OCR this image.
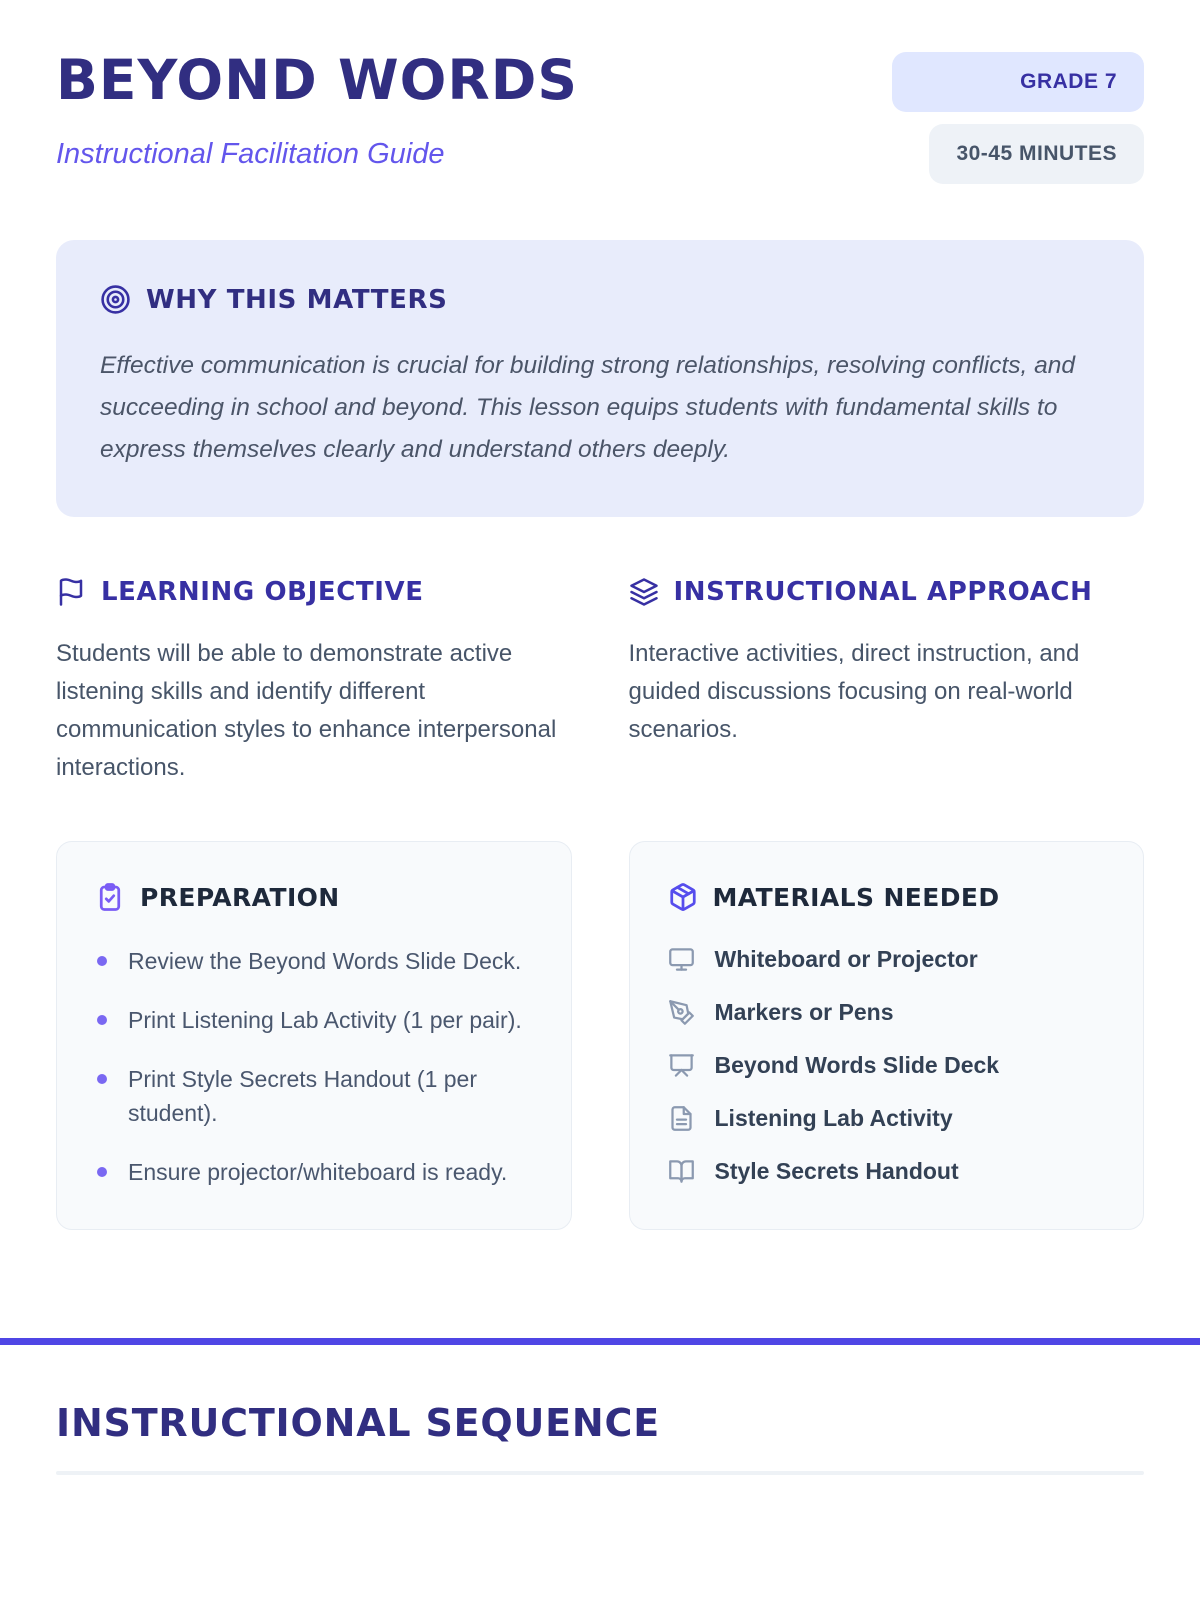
BEYOND WORDS
Instructional Facilitation Guide
GRADE 7
30-45 MINUTES
WHY THIS MATTERS
Effective communication is crucial for building strong relationships, resolving conflicts, and succeeding in school and beyond. This lesson equips students with fundamental skills to express themselves clearly and understand others deeply.
LEARNING OBJECTIVE
Students will be able to demonstrate active listening skills and identify different communication styles to enhance interpersonal interactions.
INSTRUCTIONAL APPROACH
Interactive activities, direct instruction, and guided discussions focusing on real-world scenarios.
PREPARATION
Review the Beyond Words Slide Deck.
Print Listening Lab Activity (1 per pair).
Print Style Secrets Handout (1 per student).
Ensure projector/whiteboard is ready.
MATERIALS NEEDED
Whiteboard or Projector
Markers or Pens
Beyond Words Slide Deck
Listening Lab Activity
Style Secrets Handout
INSTRUCTIONAL SEQUENCE
